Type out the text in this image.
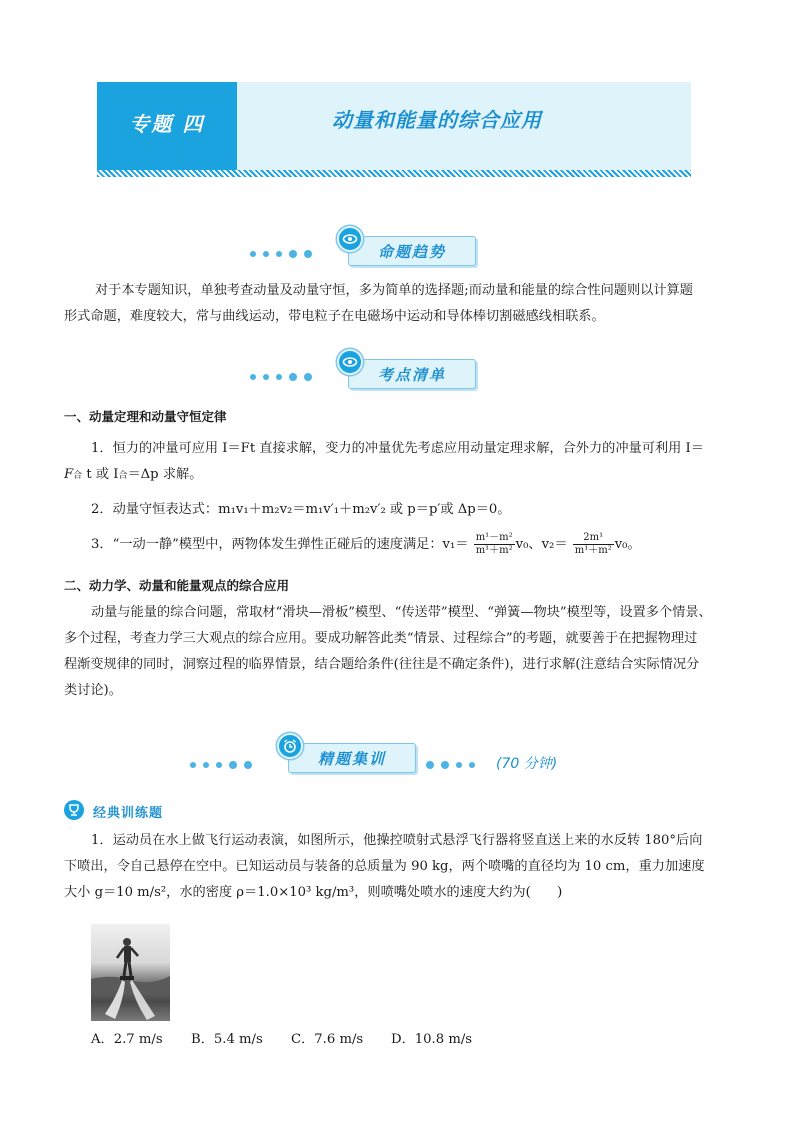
专题 四	动量和能量的综合应用
命题趋势
对于本专题知识，单独考查动量及动量守恒，多为简单的选择题;而动量和能量的综合性问题则以计算题
形式命题，难度较大，常与曲线运动，带电粒子在电磁场中运动和导体棒切割磁感线相联系。
考点清单
一、动量定理和动量守恒定律
1．恒力的冲量可应用 I＝Ft 直接求解，变力的冲量优先考虑应用动量定理求解，合外力的冲量可利用 I＝
F合 t 或 I合＝Δp 求解。
2．动量守恒表达式：m₁v₁＋m₂v₂＝m₁v′₁＋m₂v′₂ 或 p＝p′或 Δp＝0。
3．“一动一静”模型中，两物体发生弹性正碰后的速度满足：$v_1= \frac{\text{m¹－m²}}{\text{m¹＋m²}} v_0$、$v_2= \frac{\text{2m¹}}{\text{m¹＋m²}} v_0$。
二、动力学、动量和能量观点的综合应用
动量与能量的综合问题，常取材“滑块—滑板”模型、“传送带”模型、“弹簧—物块”模型等，设置多个情景、
多个过程，考查力学三大观点的综合应用。要成功解答此类“情景、过程综合”的考题，就要善于在把握物理过
程渐变规律的同时，洞察过程的临界情景，结合题给条件(往往是不确定条件)，进行求解(注意结合实际情况分
类讨论)。
精题集训	(70 分钟)
经典训练题
1．运动员在水上做飞行运动表演，如图所示，他操控喷射式悬浮飞行器将竖直送上来的水反转 180°后向
下喷出，令自己悬停在空中。已知运动员与装备的总质量为 90 kg，两个喷嘴的直径均为 10 cm，重力加速度
大小 g＝10 m/s²，水的密度 ρ＝1.0×10³ kg/m³，则喷嘴处喷水的速度大约为(　　)
A．2.7 m/s	B．5.4 m/s	C．7.6 m/s	D．10.8 m/s
